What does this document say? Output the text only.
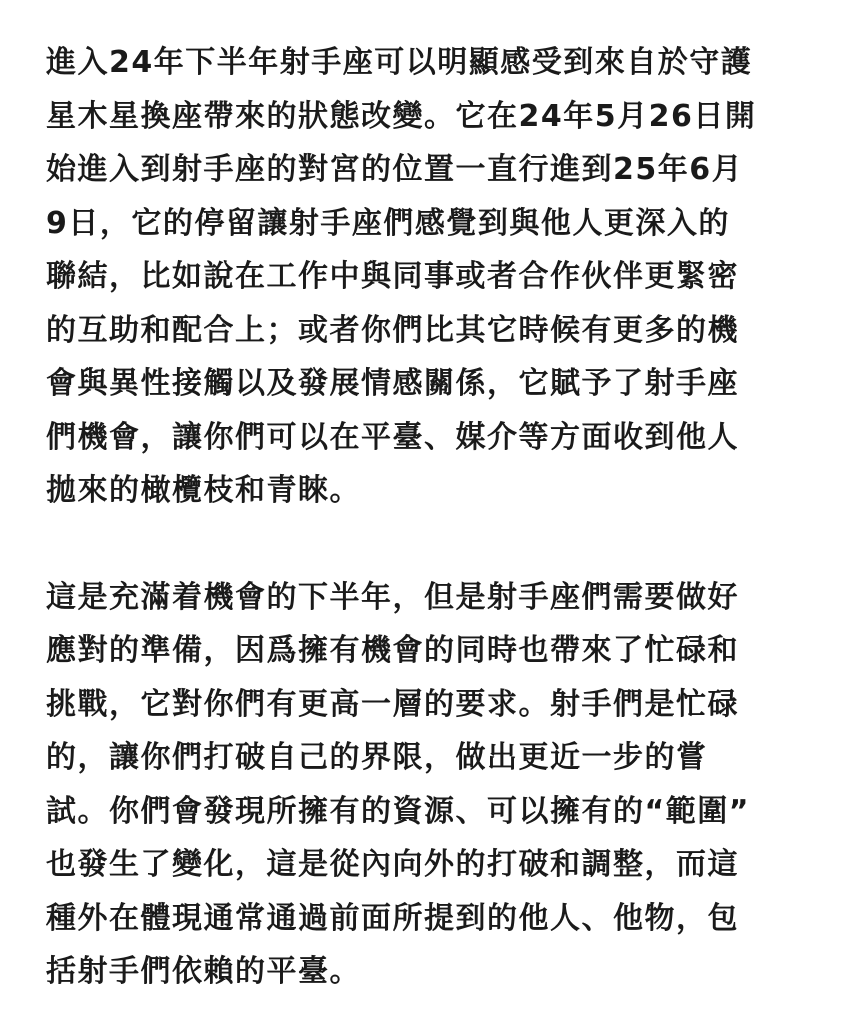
進入24年下半年射手座可以明顯感受到來自於守護
星木星換座帶來的狀態改變。它在24年5月26日開
始進入到射手座的對宮的位置一直行進到25年6月
9日，它的停留讓射手座們感覺到與他人更深入的
聯結，比如說在工作中與同事或者合作伙伴更緊密
的互助和配合上；或者你們比其它時候有更多的機
會與異性接觸以及發展情感關係，它賦予了射手座
們機會，讓你們可以在平臺、媒介等方面收到他人
拋來的橄欖枝和青睞。
這是充滿着機會的下半年，但是射手座們需要做好
應對的準備，因爲擁有機會的同時也帶來了忙碌和
挑戰，它對你們有更高一層的要求。射手們是忙碌
的，讓你們打破自己的界限，做出更近一步的嘗
試。你們會發現所擁有的資源、可以擁有的“範圍”
也發生了變化，這是從內向外的打破和調整，而這
種外在體現通常通過前面所提到的他人、他物，包
括射手們依賴的平臺。
